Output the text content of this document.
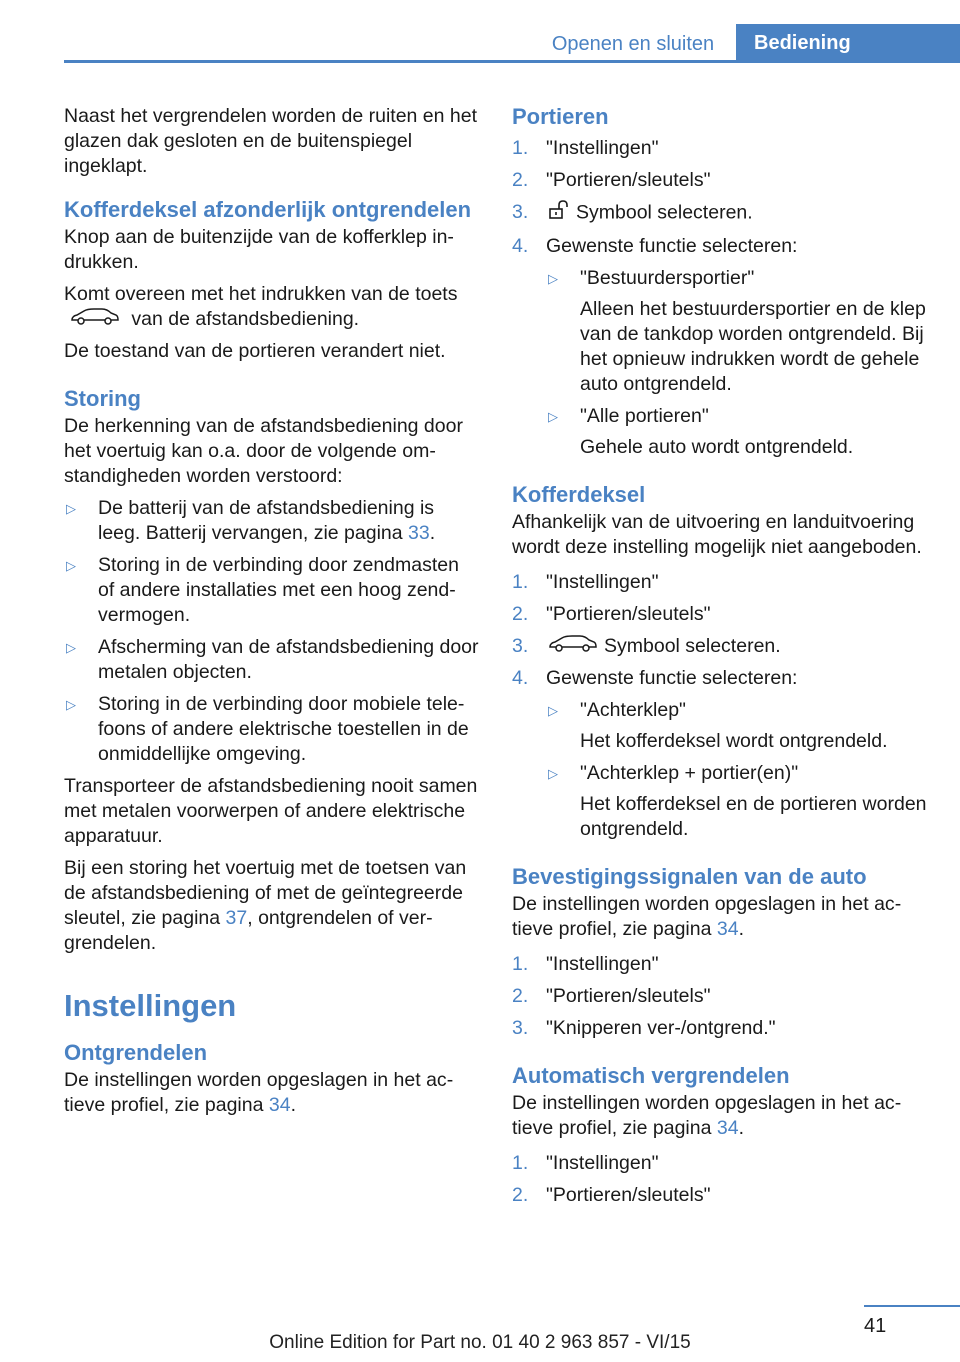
Openen en sluiten	Bediening

Naast het vergrendelen worden de ruiten en het glazen dak gesloten en de buitenspiegel ingeklapt.

Kofferdeksel afzonderlijk ontgrendelen

Knop aan de buitenzijde van de kofferklep indrukken.

Komt overeen met het indrukken van de toets  van de afstandsbediening.

De toestand van de portieren verandert niet.

Storing

De herkenning van de afstandsbediening door het voertuig kan o.a. door de volgende omstandigheden worden verstoord:

▷ De batterij van de afstandsbediening is leeg. Batterij vervangen, zie pagina 33.
▷ Storing in de verbinding door zendmasten of andere installaties met een hoog zendvermogen.
▷ Afscherming van de afstandsbediening door metalen objecten.
▷ Storing in de verbinding door mobiele telefoons of andere elektrische toestellen in de onmiddellijke omgeving.

Transporteer de afstandsbediening nooit samen met metalen voorwerpen of andere elektrische apparatuur.

Bij een storing het voertuig met de toetsen van de afstandsbediening of met de geïntegreerde sleutel, zie pagina 37, ontgrendelen of vergrendelen.

Instellingen
Ontgrendelen

De instellingen worden opgeslagen in het actieve profiel, zie pagina 34.

Portieren
1. "Instellingen"
2. "Portieren/sleutels"
3. Symbool selecteren.
4. Gewenste functie selecteren:
▷ "Bestuurdersportier"
Alleen het bestuurdersportier en de klep van de tankdop worden ontgrendeld. Bij het opnieuw indrukken wordt de gehele auto ontgrendeld.
▷ "Alle portieren"
Gehele auto wordt ontgrendeld.
Kofferdeksel

Afhankelijk van de uitvoering en landuitvoering wordt deze instelling mogelijk niet aangeboden.

1. "Instellingen"
2. "Portieren/sleutels"
3.	Symbool selecteren.
4. Gewenste functie selecteren:
▷ "Achterklep"
Het kofferdeksel wordt ontgrendeld.
▷ "Achterklep + portier(en)"
Het kofferdeksel en de portieren worden ontgrendeld.
Bevestigingssignalen van de auto

De instellingen worden opgeslagen in het actieve profiel, zie pagina 34.

1. "Instellingen"
2. "Portieren/sleutels"
3. "Knipperen ver-/ontgrend."
Automatisch vergrendelen

De instellingen worden opgeslagen in het actieve profiel, zie pagina 34.

1. "Instellingen"
2. "Portieren/sleutels"
41
Online Edition for Part no. 01 40 2 963 857 - VI/15
